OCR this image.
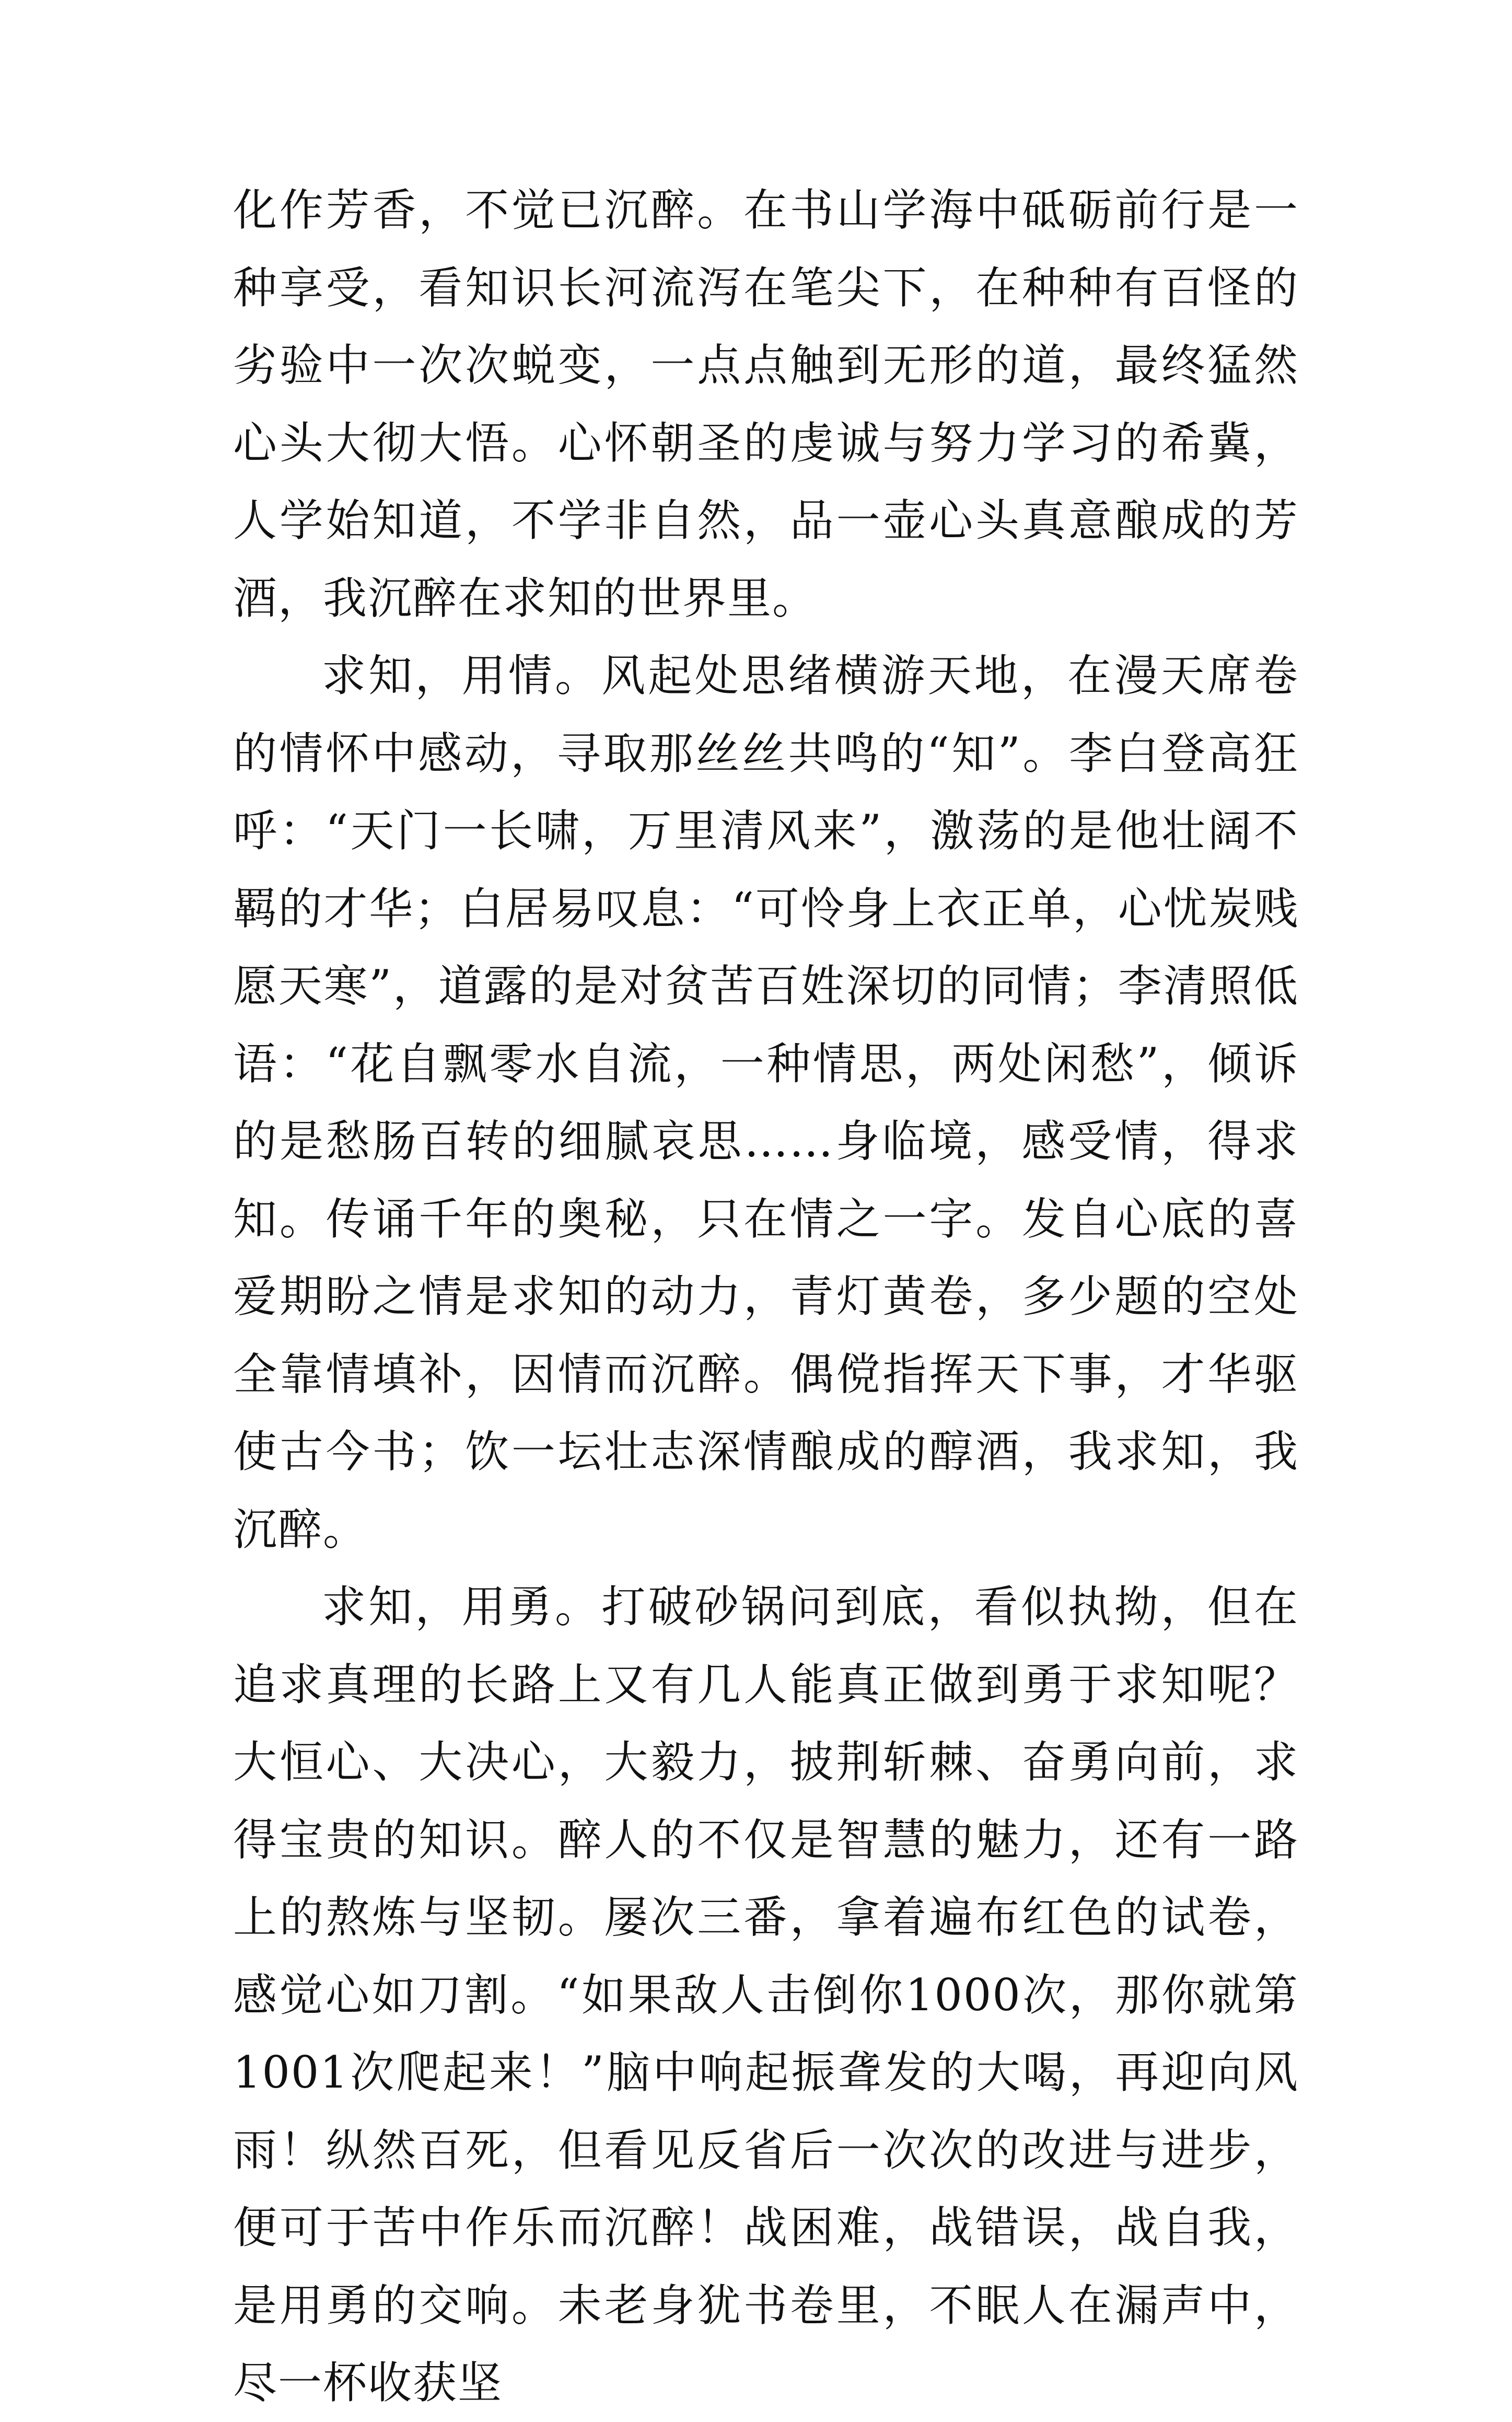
化作芳香，不觉已沉醉。在书山学海中砥砺前行是一种享受，看知识长河流泻在笔尖下，在种种有百怪的劣验中一次次蜕变，一点点触到无形的道，最终猛然心头大彻大悟。心怀朝圣的虔诚与努力学习的希冀，人学始知道，不学非自然，品一壶心头真意酿成的芳酒，我沉醉在求知的世界里。

求知，用情。风起处思绪横游天地，在漫天席卷的情怀中感动，寻取那丝丝共鸣的“知”。李白登高狂呼：“天门一长啸，万里清风来”，激荡的是他壮阔不羁的才华；白居易叹息：“可怜身上衣正单，心忧炭贱愿天寒”，道露的是对贫苦百姓深切的同情；李清照低语：“花自飘零水自流，一种情思，两处闲愁”，倾诉的是愁肠百转的细腻哀思……身临境，感受情，得求知。传诵千年的奥秘，只在情之一字。发自心底的喜爱期盼之情是求知的动力，青灯黄卷，多少题的空处全靠情填补，因情而沉醉。偶傥指挥天下事，才华驱使古今书；饮一坛壮志深情酿成的醇酒，我求知，我沉醉。

求知，用勇。打破砂锅问到底，看似执拗，但在追求真理的长路上又有几人能真正做到勇于求知呢？大恒心、大决心，大毅力，披荆斩棘、奋勇向前，求得宝贵的知识。醉人的不仅是智慧的魅力，还有一路上的熬炼与坚韧。屡次三番，拿着遍布红色的试卷，感觉心如刀割。“如果敌人击倒你1000次，那你就第1001次爬起来！”脑中响起振聋发的大喝，再迎向风雨！纵然百死，但看见反省后一次次的改进与进步，便可于苦中作乐而沉醉！战困难，战错误，战自我，是用勇的交响。未老身犹书卷里，不眠人在漏声中，尽一杯收获坚
